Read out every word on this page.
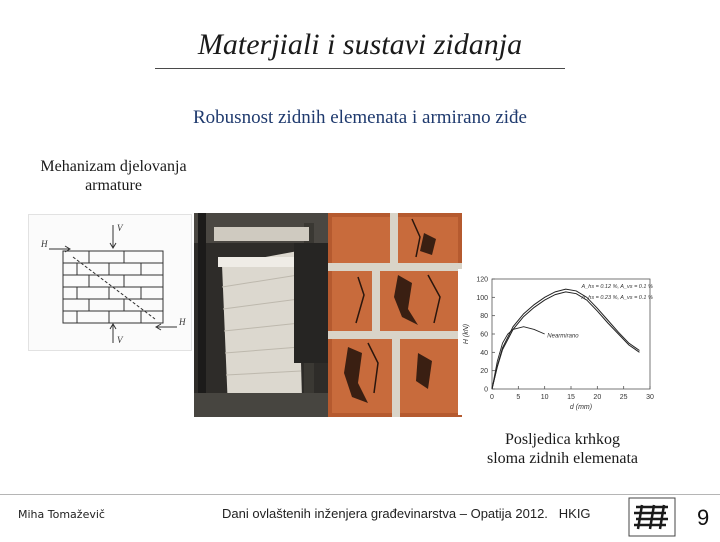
Materjiali i sustavi zidanja
Robusnost zidnih elemenata i armirano ziđe
Mehanizam djelovanja
armature
H
V
H
V
0	5	10	15	20	25	30
0
20
40
60
80
100
120
d (mm)
H (kN)
A_hs = 0.12 %, A_vs = 0.1 %
A_hs = 0.23 %, A_vs = 0.1 %
Nearmirano
Posljedica krhkog
sloma zidnih elemenata
Miha Tomaževič	Dani ovlaštenih inženjera građevinarstva – Opatija 2012. HKIG	9
